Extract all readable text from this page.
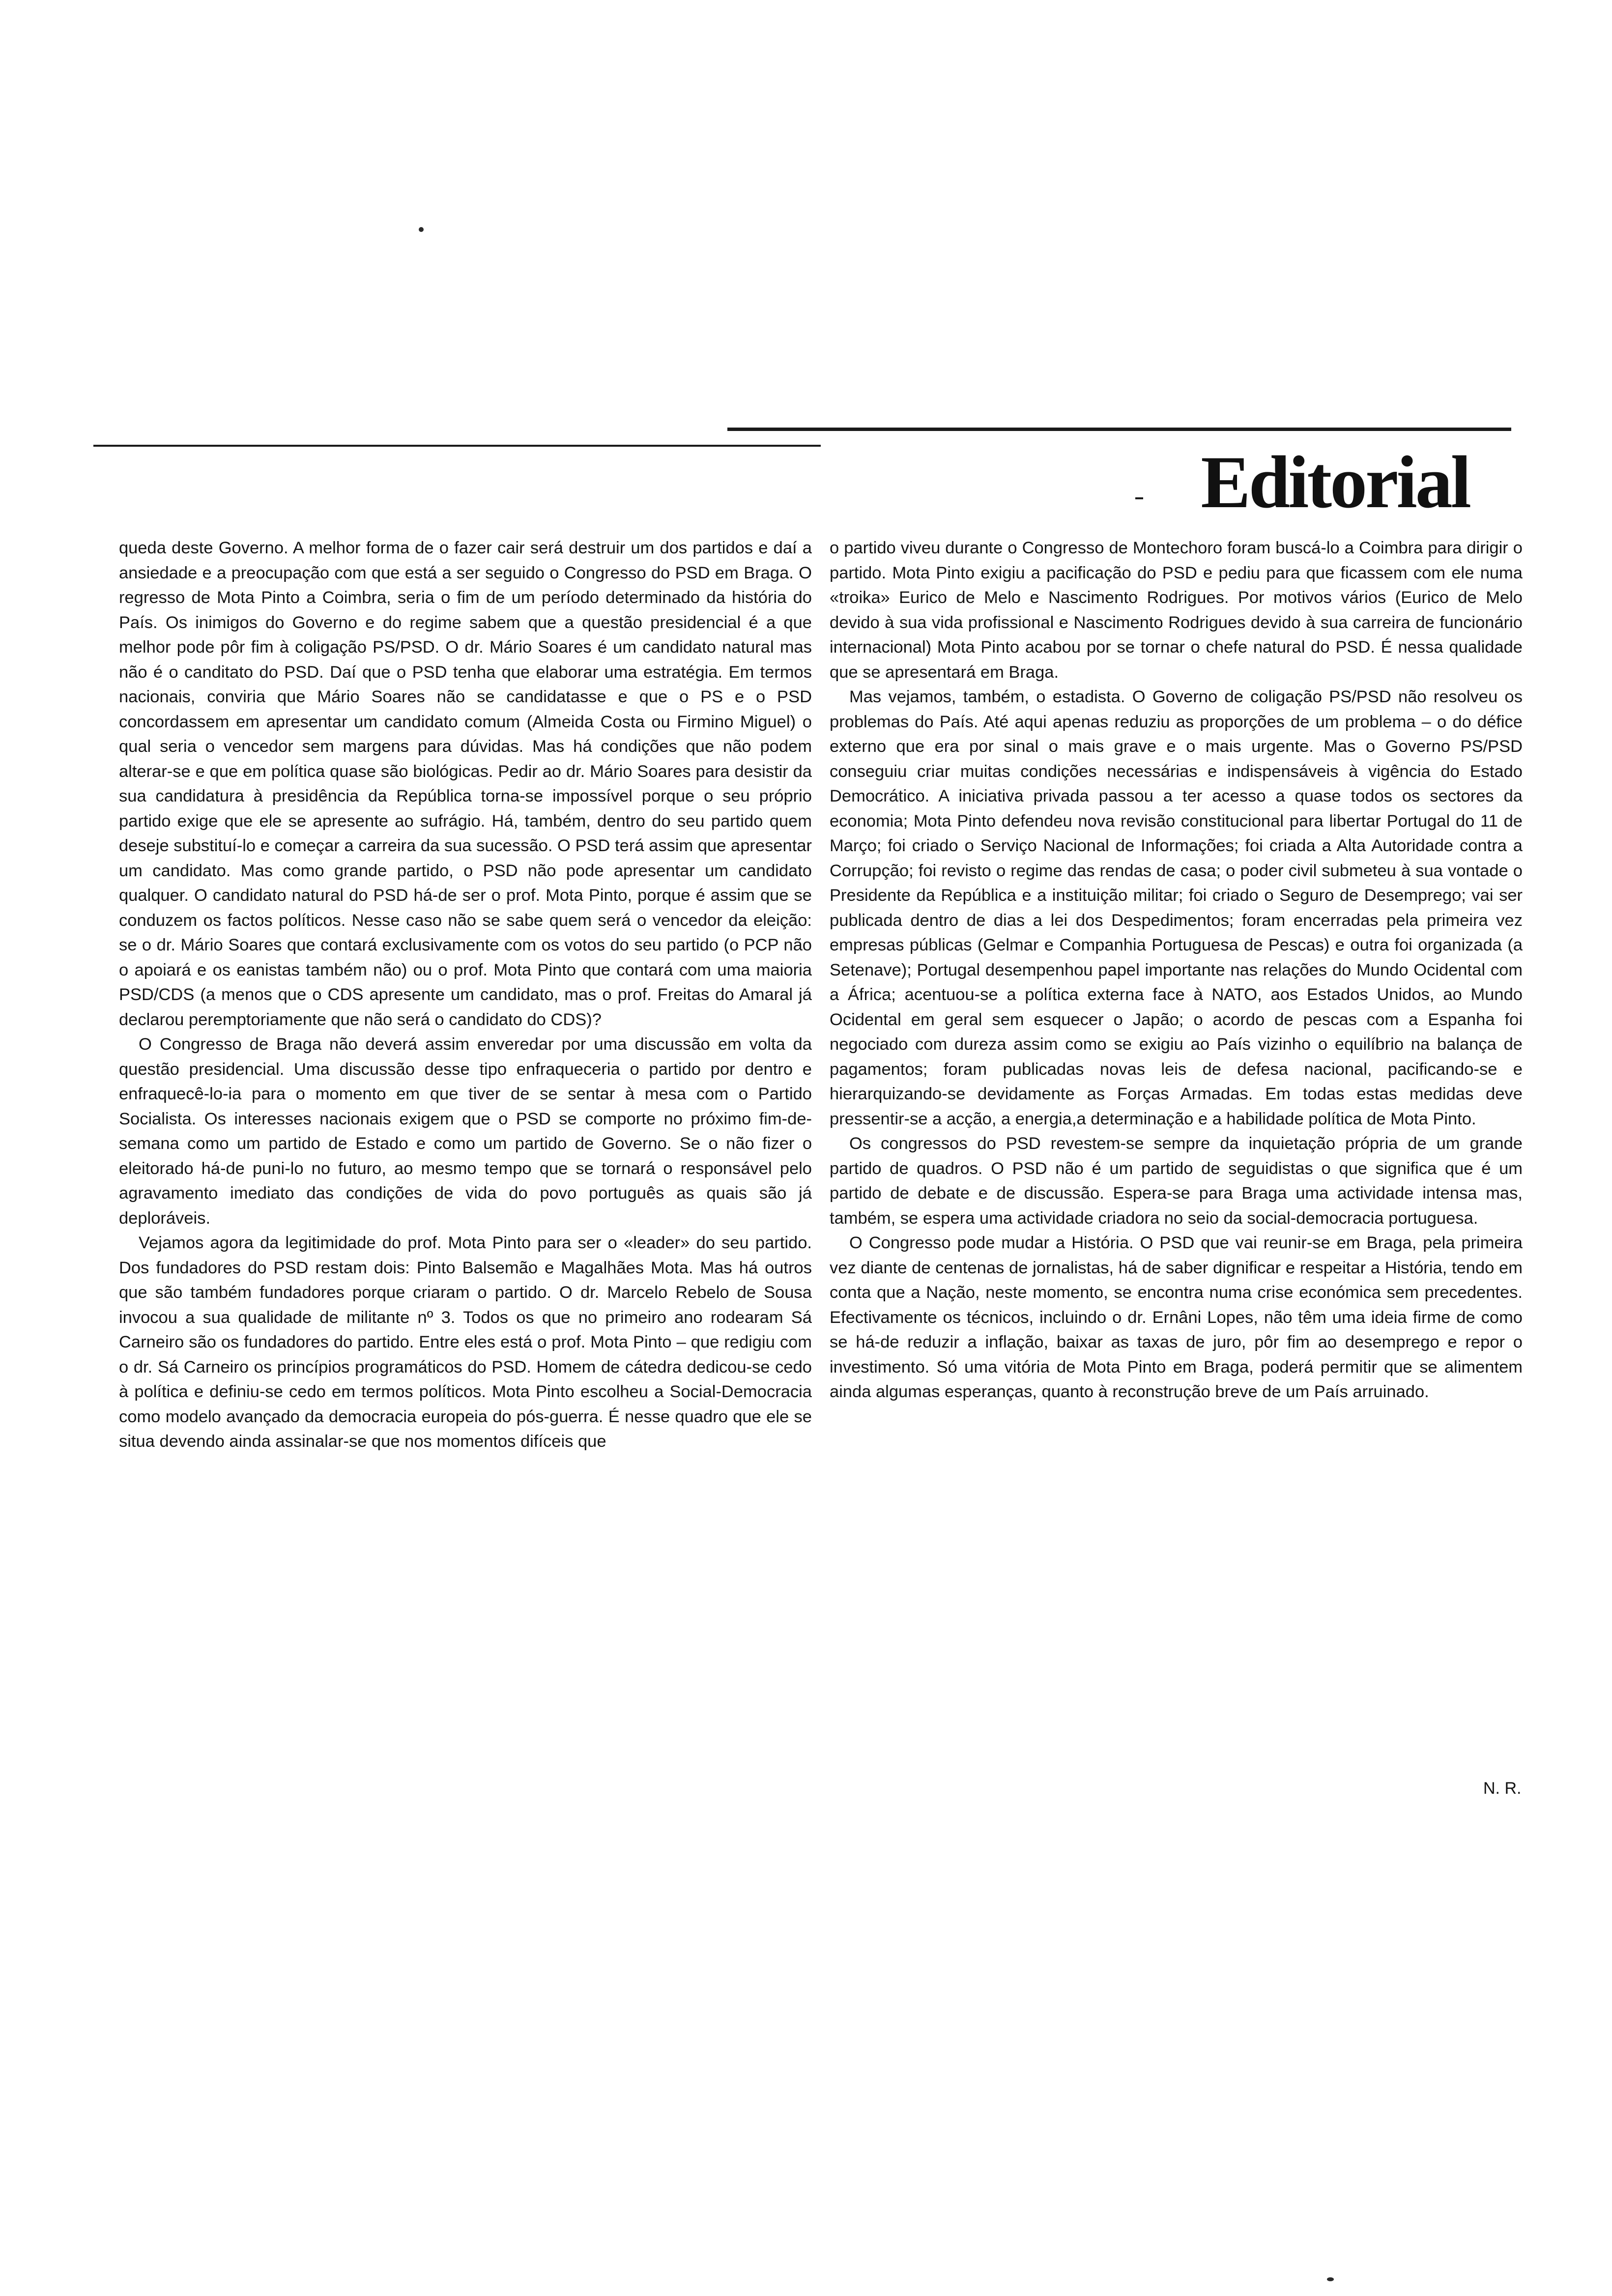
Editorial

queda deste Governo. A melhor forma de o fazer cair será destruir um dos partidos e daí a ansiedade e a preocupação com que está a ser seguido o Congresso do PSD em Braga. O regresso de Mota Pinto a Coimbra, seria o fim de um período determinado da história do País. Os inimigos do Governo e do regime sabem que a questão presidencial é a que melhor pode pôr fim à coligação PS/PSD. O dr. Mário Soares é um candidato natural mas não é o canditato do PSD. Daí que o PSD tenha que elaborar uma estratégia. Em termos nacionais, conviria que Mário Soares não se candidatasse e que o PS e o PSD concordassem em apresentar um candidato comum (Almeida Costa ou Firmino Miguel) o qual seria o vencedor sem margens para dúvidas. Mas há condições que não podem alterar-se e que em política quase são biológicas. Pedir ao dr. Mário Soares para desistir da sua candidatura à presidência da República torna-se impossível porque o seu próprio partido exige que ele se apresente ao sufrágio. Há, também, dentro do seu partido quem deseje substituí-lo e começar a carreira da sua sucessão. O PSD terá assim que apresentar um candidato. Mas como grande partido, o PSD não pode apresentar um candidato qualquer. O candidato natural do PSD há-de ser o prof. Mota Pinto, porque é assim que se conduzem os factos políticos. Nesse caso não se sabe quem será o vencedor da eleição: se o dr. Mário Soares que contará exclusivamente com os votos do seu partido (o PCP não o apoiará e os eanistas também não) ou o prof. Mota Pinto que contará com uma maioria PSD/CDS (a menos que o CDS apresente um candidato, mas o prof. Freitas do Amaral já declarou peremptoriamente que não será o candidato do CDS)?

O Congresso de Braga não deverá assim enveredar por uma discussão em volta da questão presidencial. Uma discussão desse tipo enfraqueceria o partido por dentro e enfraquecê-lo-ia para o momento em que tiver de se sentar à mesa com o Partido Socialista. Os interesses nacionais exigem que o PSD se comporte no próximo fim-de-semana como um partido de Estado e como um partido de Governo. Se o não fizer o eleitorado há-de puni-lo no futuro, ao mesmo tempo que se tornará o responsável pelo agravamento imediato das condições de vida do povo português as quais são já deploráveis.

Vejamos agora da legitimidade do prof. Mota Pinto para ser o «leader» do seu partido. Dos fundadores do PSD restam dois: Pinto Balsemão e Magalhães Mota. Mas há outros que são também fundadores porque criaram o partido. O dr. Marcelo Rebelo de Sousa invocou a sua qualidade de militante nº 3. Todos os que no primeiro ano rodearam Sá Carneiro são os fundadores do partido. Entre eles está o prof. Mota Pinto – que redigiu com o dr. Sá Carneiro os princípios programáticos do PSD. Homem de cátedra dedicou-se cedo à política e definiu-se cedo em termos políticos. Mota Pinto escolheu a Social-Democracia como modelo avançado da democracia europeia do pós-guerra. É nesse quadro que ele se situa devendo ainda assinalar-se que nos momentos difíceis que

o partido viveu durante o Congresso de Montechoro foram buscá-lo a Coimbra para dirigir o partido. Mota Pinto exigiu a pacificação do PSD e pediu para que ficassem com ele numa «troika» Eurico de Melo e Nascimento Rodrigues. Por motivos vários (Eurico de Melo devido à sua vida profissional e Nascimento Rodrigues devido à sua carreira de funcionário internacional) Mota Pinto acabou por se tornar o chefe natural do PSD. É nessa qualidade que se apresentará em Braga.

Mas vejamos, também, o estadista. O Governo de coligação PS/PSD não resolveu os problemas do País. Até aqui apenas reduziu as proporções de um problema – o do défice externo que era por sinal o mais grave e o mais urgente. Mas o Governo PS/PSD conseguiu criar muitas condições necessárias e indispensáveis à vigência do Estado Democrático. A iniciativa privada passou a ter acesso a quase todos os sectores da economia; Mota Pinto defendeu nova revisão constitucional para libertar Portugal do 11 de Março; foi criado o Serviço Nacional de Informações; foi criada a Alta Autoridade contra a Corrupção; foi revisto o regime das rendas de casa; o poder civil submeteu à sua vontade o Presidente da República e a instituição militar; foi criado o Seguro de Desemprego; vai ser publicada dentro de dias a lei dos Despedimentos; foram encerradas pela primeira vez empresas públicas (Gelmar e Companhia Portuguesa de Pescas) e outra foi organizada (a Setenave); Portugal desempenhou papel importante nas relações do Mundo Ocidental com a África; acentuou-se a política externa face à NATO, aos Estados Unidos, ao Mundo Ocidental em geral sem esquecer o Japão; o acordo de pescas com a Espanha foi negociado com dureza assim como se exigiu ao País vizinho o equilíbrio na balança de pagamentos; foram publicadas novas leis de defesa nacional, pacificando-se e hierarquizando-se devidamente as Forças Armadas. Em todas estas medidas deve pressentir-se a acção, a energia,a determinação e a habilidade política de Mota Pinto.

Os congressos do PSD revestem-se sempre da inquietação própria de um grande partido de quadros. O PSD não é um partido de seguidistas o que significa que é um partido de debate e de discussão. Espera-se para Braga uma actividade intensa mas, também, se espera uma actividade criadora no seio da social-democracia portuguesa.

O Congresso pode mudar a História. O PSD que vai reunir-se em Braga, pela primeira vez diante de centenas de jornalistas, há de saber dignificar e respeitar a História, tendo em conta que a Nação, neste momento, se encontra numa crise económica sem precedentes. Efectivamente os técnicos, incluindo o dr. Ernâni Lopes, não têm uma ideia firme de como se há-de reduzir a inflação, baixar as taxas de juro, pôr fim ao desemprego e repor o investimento. Só uma vitória de Mota Pinto em Braga, poderá permitir que se alimentem ainda algumas esperanças, quanto à reconstrução breve de um País arruinado.

N. R.
